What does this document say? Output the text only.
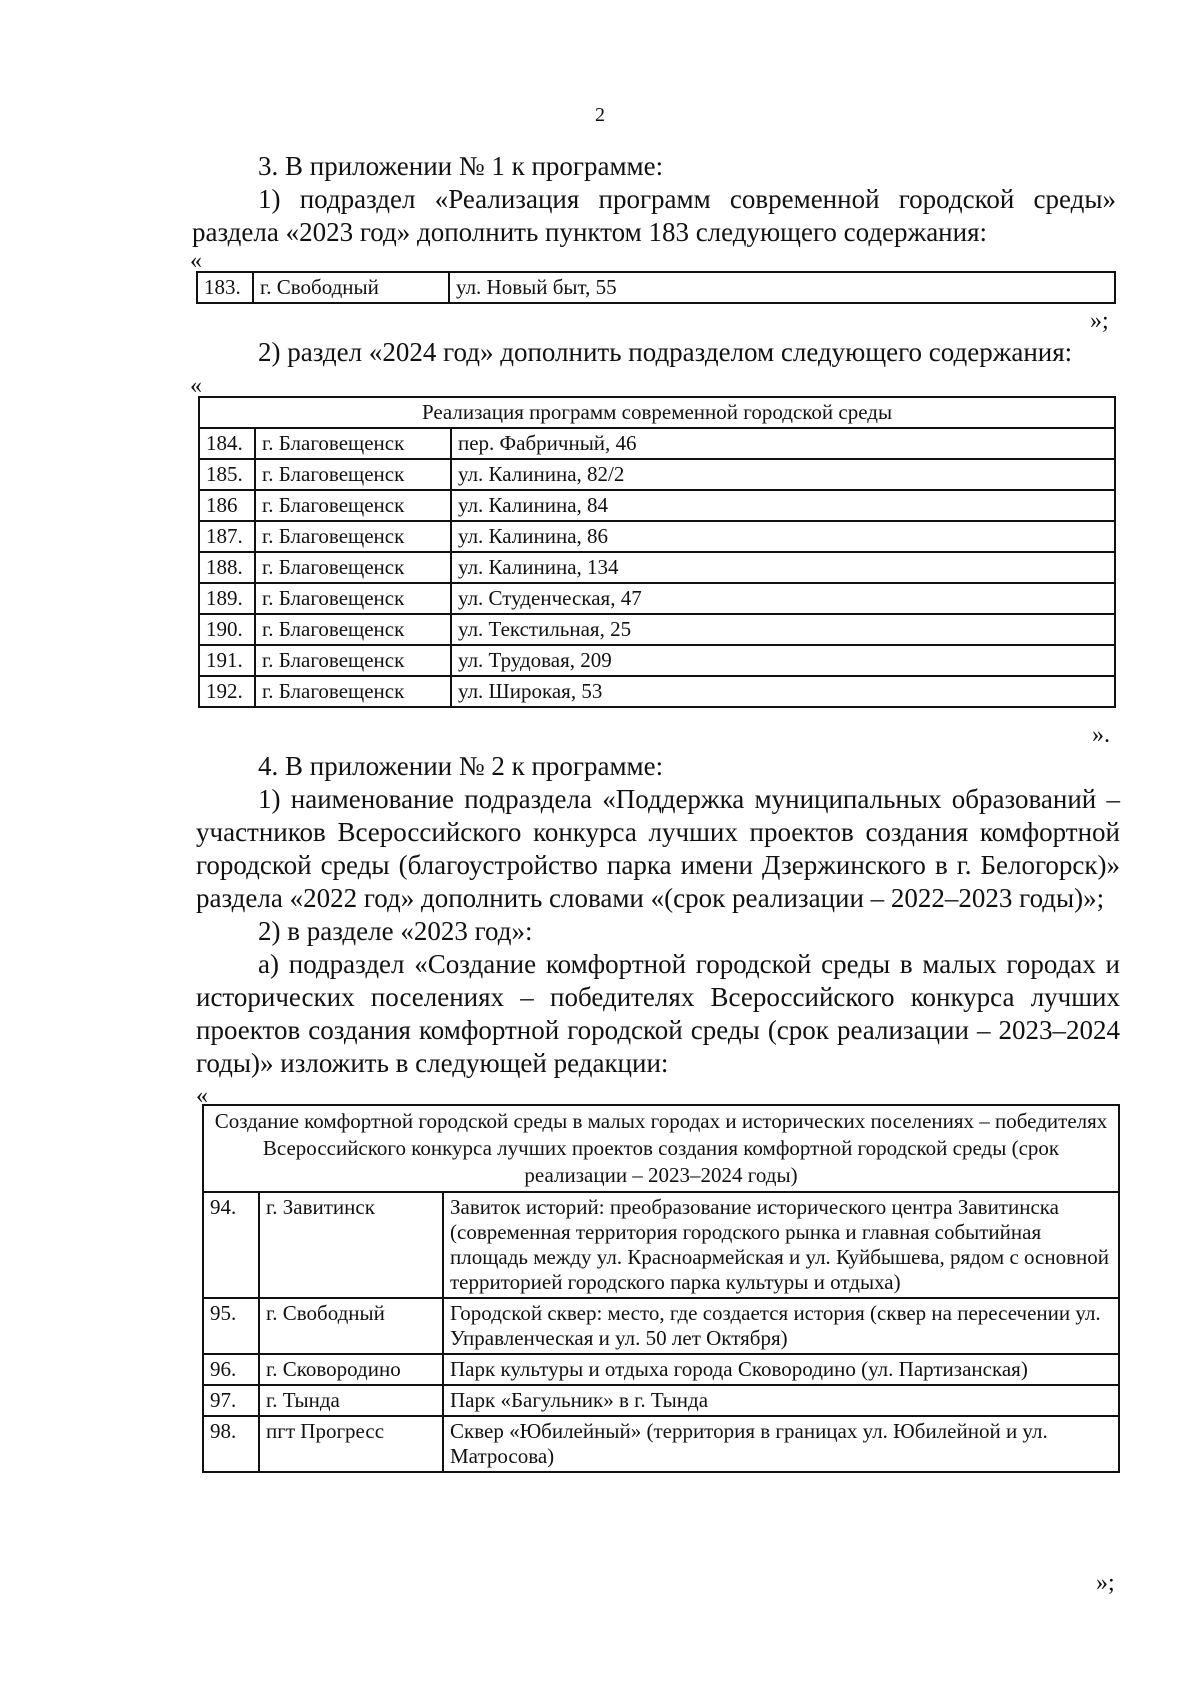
2
3. В приложении № 1 к программе:
1) подраздел «Реализация программ современной городской среды»
раздела «2023 год» дополнить пунктом 183 следующего содержания:
«
183.	г. Свободный	ул. Новый быт, 55
»;
2) раздел «2024 год» дополнить подразделом следующего содержания:
«
Реализация программ современной городской среды		
184.	г. Благовещенск	пер. Фабричный, 46
185.	г. Благовещенск	ул. Калинина, 82/2
186	г. Благовещенск	ул. Калинина, 84
187.	г. Благовещенск	ул. Калинина, 86
188.	г. Благовещенск	ул. Калинина, 134
189.	г. Благовещенск	ул. Студенческая, 47
190.	г. Благовещенск	ул. Текстильная, 25
191.	г. Благовещенск	ул. Трудовая, 209
192.	г. Благовещенск	ул. Широкая, 53
».
4. В приложении № 2 к программе:
1) наименование подраздела «Поддержка муниципальных образований –
участников Всероссийского конкурса лучших проектов создания комфортной
городской среды (благоустройство парка имени Дзержинского в г. Белогорск)»
раздела «2022 год» дополнить словами «(срок реализации – 2022–2023 годы)»;
2) в разделе «2023 год»:
а) подраздел «Создание комфортной городской среды в малых городах и
исторических поселениях – победителях Всероссийского конкурса лучших
проектов создания комфортной городской среды (срок реализации – 2023–2024
годы)» изложить в следующей редакции:
«
Создание комфортной городской среды в малых городах и исторических поселениях – победителях Всероссийского конкурса лучших проектов создания комфортной городской среды (срок реализации – 2023–2024 годы)		
94.	г. Завитинск	Завиток историй: преобразование исторического центра Завитинска (современная территория городского рынка и главная событийная площадь между ул. Красноармейская и ул. Куйбышева, рядом с основной территорией городского парка культуры и отдыха)
95.	г. Свободный	Городской сквер: место, где создается история (сквер на пересечении ул. Управленческая и ул. 50 лет Октября)
96.	г. Сковородино	Парк культуры и отдыха города Сковородино (ул. Партизанская)
97.	г. Тында	Парк «Багульник» в г. Тында
98.	пгт Прогресс	Сквер «Юбилейный» (территория в границах ул. Юбилейной и ул. Матросова)
»;
